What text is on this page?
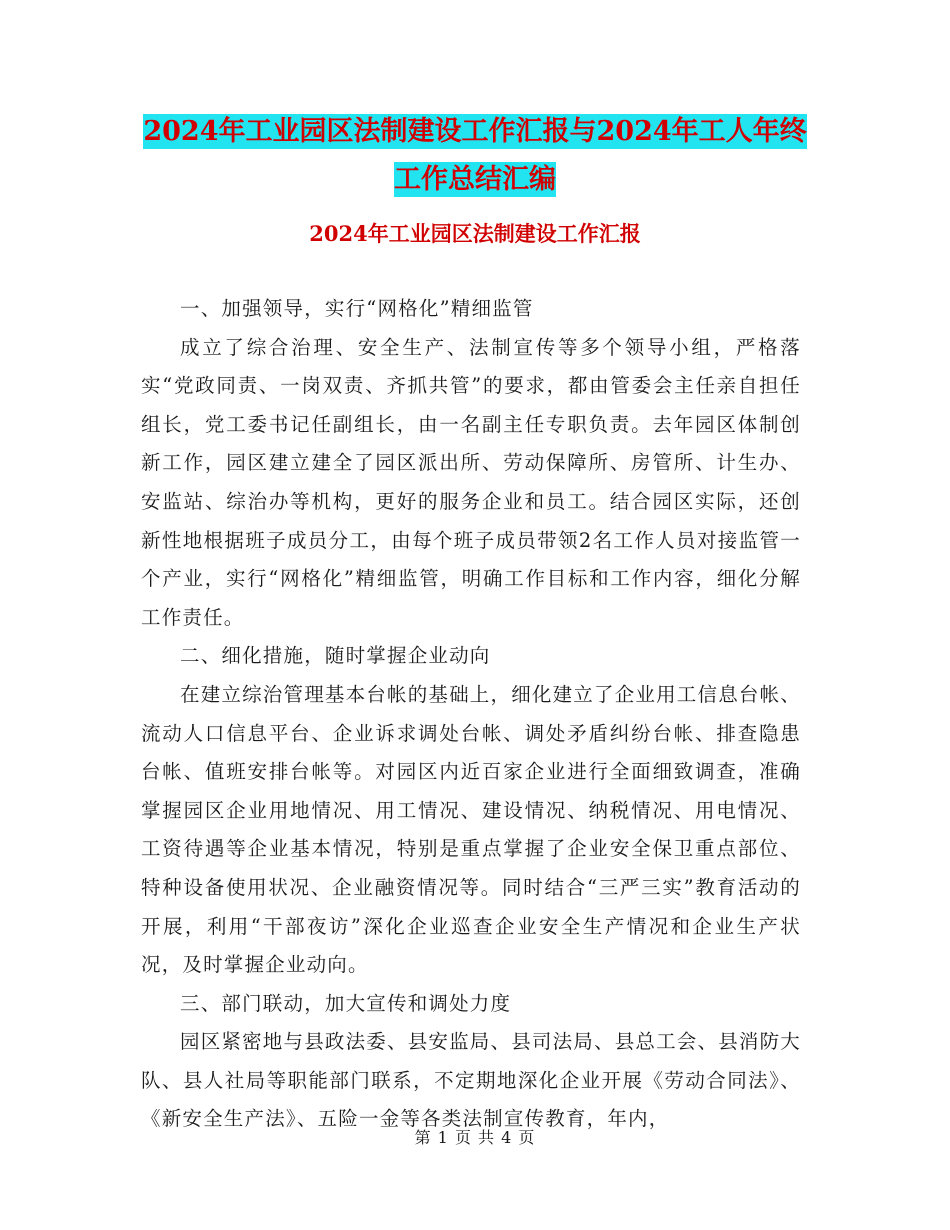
2024年工业园区法制建设工作汇报与2024年工人年终
工作总结汇编
2024年工业园区法制建设工作汇报

一、加强领导，实行“网格化”精细监管

成立了综合治理、安全生产、法制宣传等多个领导小组，严格落实“党政同责、一岗双责、齐抓共管”的要求，都由管委会主任亲自担任组长，党工委书记任副组长，由一名副主任专职负责。去年园区体制创新工作，园区建立建全了园区派出所、劳动保障所、房管所、计生办、安监站、综治办等机构，更好的服务企业和员工。结合园区实际，还创新性地根据班子成员分工，由每个班子成员带领2名工作人员对接监管一个产业，实行“网格化”精细监管，明确工作目标和工作内容，细化分解工作责任。

二、细化措施，随时掌握企业动向

在建立综治管理基本台帐的基础上，细化建立了企业用工信息台帐、流动人口信息平台、企业诉求调处台帐、调处矛盾纠纷台帐、排查隐患台帐、值班安排台帐等。对园区内近百家企业进行全面细致调查，准确掌握园区企业用地情况、用工情况、建设情况、纳税情况、用电情况、工资待遇等企业基本情况，特别是重点掌握了企业安全保卫重点部位、特种设备使用状况、企业融资情况等。同时结合“三严三实”教育活动的开展，利用“干部夜访”深化企业巡查企业安全生产情况和企业生产状况，及时掌握企业动向。

三、部门联动，加大宣传和调处力度

园区紧密地与县政法委、县安监局、县司法局、县总工会、县消防大队、县人社局等职能部门联系，不定期地深化企业开展《劳动合同法》、《新安全生产法》、五险一金等各类法制宣传教育，年内，

第 1 页 共 4 页
